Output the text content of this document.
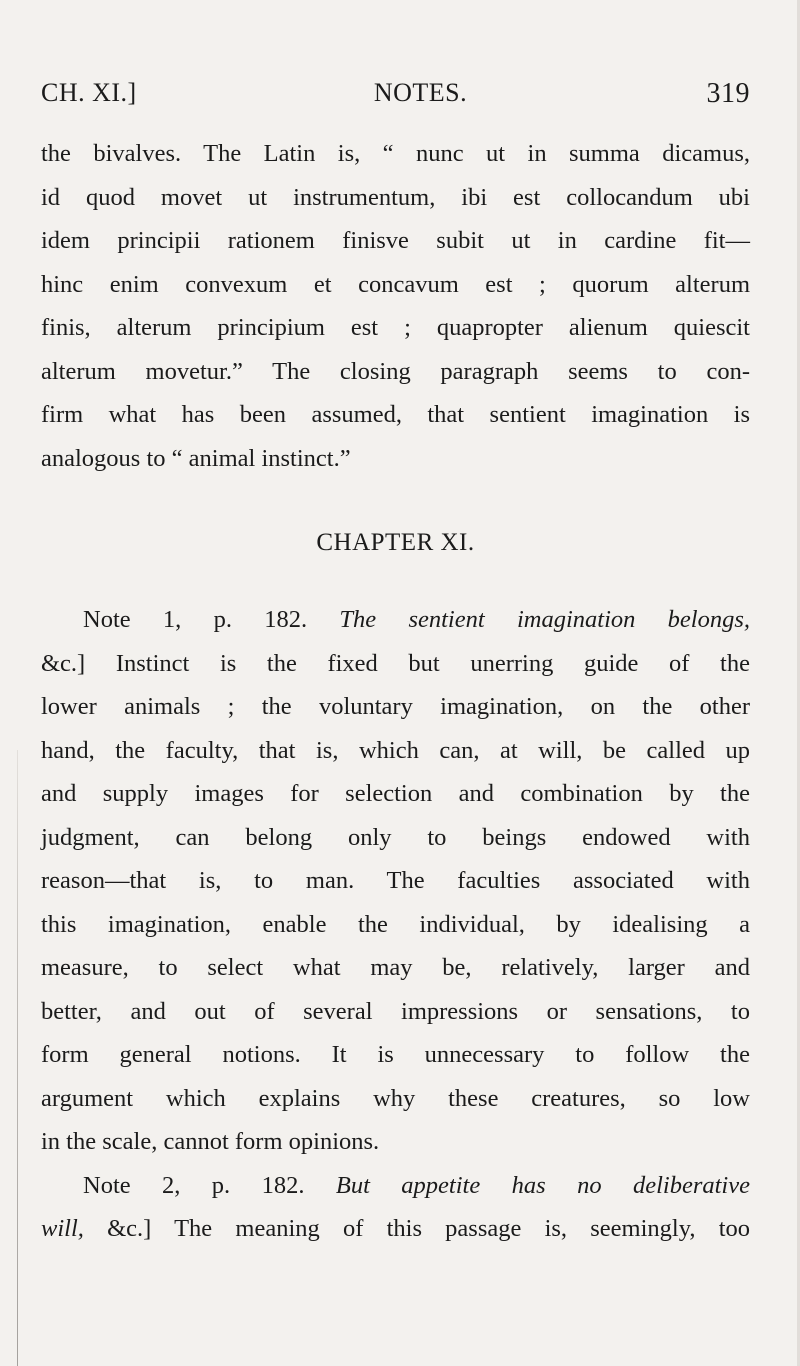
CH. XI.]	NOTES.	319
the bivalves. The Latin is, “ nunc ut in summa dicamus,
id quod movet ut instrumentum, ibi est collocandum ubi
idem principii rationem finisve subit ut in cardine fit—
hinc enim convexum et concavum est ; quorum alterum
finis, alterum principium est ; quapropter alienum quiescit
alterum movetur.” The closing paragraph seems to con-
firm what has been assumed, that sentient imagination is
analogous to “ animal instinct.”
CHAPTER XI.
Note 1, p. 182. The sentient imagination belongs,
&c.] Instinct is the fixed but unerring guide of the
lower animals ; the voluntary imagination, on the other
hand, the faculty, that is, which can, at will, be called up
and supply images for selection and combination by the
judgment, can belong only to beings endowed with
reason—that is, to man. The faculties associated with
this imagination, enable the individual, by idealising a
measure, to select what may be, relatively, larger and
better, and out of several impressions or sensations, to
form general notions. It is unnecessary to follow the
argument which explains why these creatures, so low
in the scale, cannot form opinions.
Note 2, p. 182. But appetite has no deliberative
will, &c.] The meaning of this passage is, seemingly, too
